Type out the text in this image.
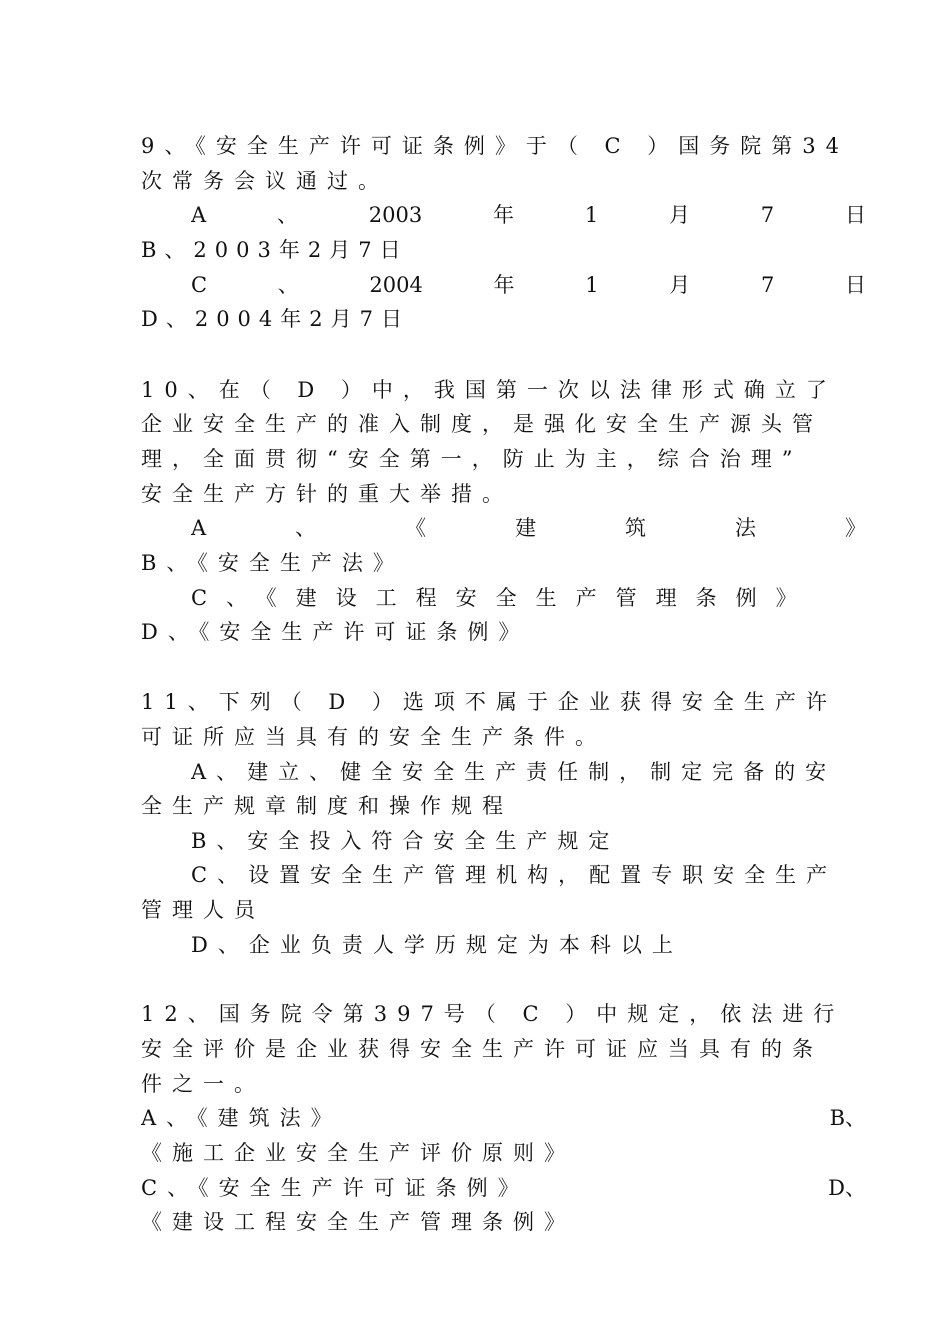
9、《安全生产许可证条例》于（ C ）国务院第34
次常务会议通过。
A	、	2003	年	1	月	7	日
B、2003年2月7日
C	、	2004	年	1	月	7	日
D、2004年2月7日
10、在（ D ）中，我国第一次以法律形式确立了
企业安全生产的准入制度，是强化安全生产源头管
理，全面贯彻“安全第一，防止为主，综合治理”
安全生产方针的重大举措。
A	、	《	建	筑	法	》
B、《安全生产法》
C、《建设工程安全生产管理条例》
D、《安全生产许可证条例》
11、下列（ D ）选项不属于企业获得安全生产许
可证所应当具有的安全生产条件。
A、建立、健全安全生产责任制，制定完备的安
全生产规章制度和操作规程
B、安全投入符合安全生产规定
C、设置安全生产管理机构，配置专职安全生产
管理人员
D、企业负责人学历规定为本科以上
12、国务院令第397号（ C ）中规定，依法进行
安全评价是企业获得安全生产许可证应当具有的条
件之一。
A、《建筑法》	B、
《施工企业安全生产评价原则》
C、《安全生产许可证条例》	D、
《建设工程安全生产管理条例》
